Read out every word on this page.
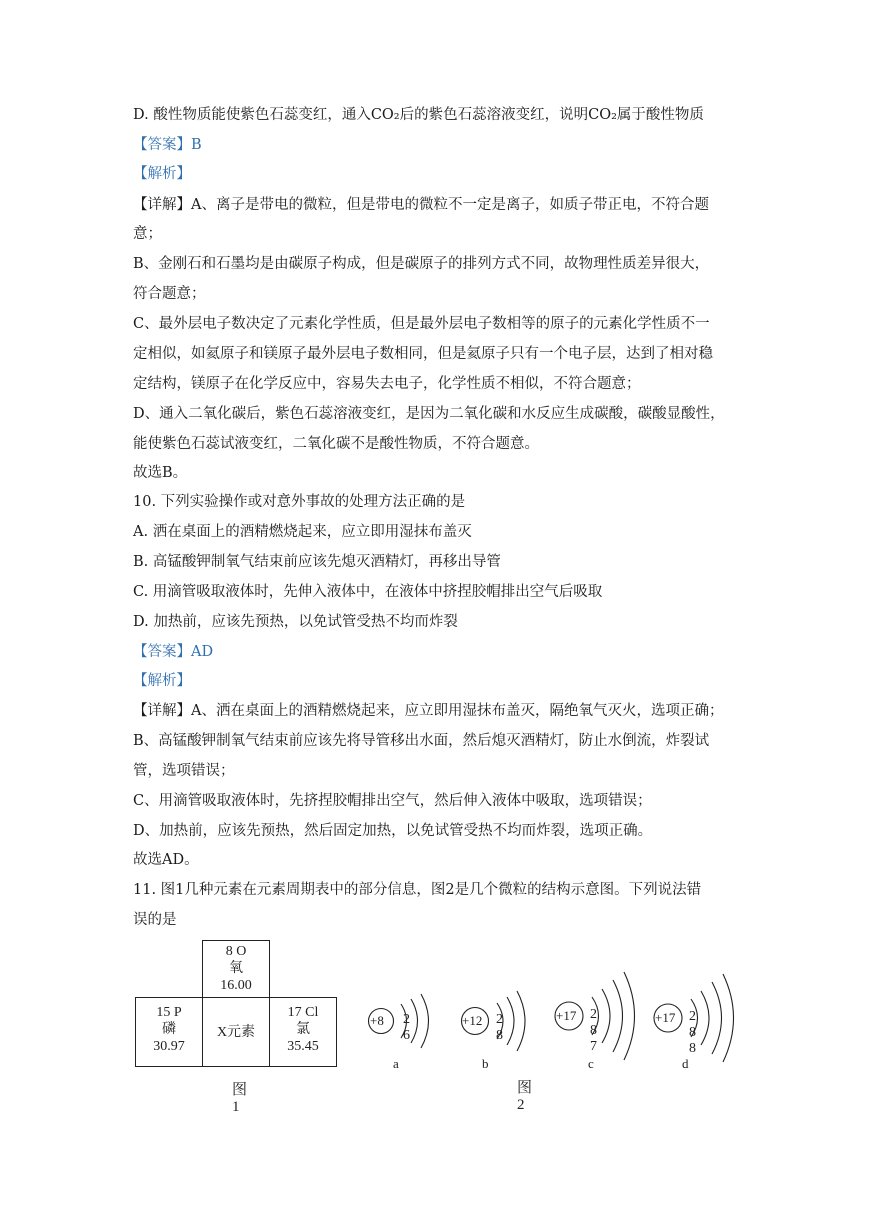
D. 酸性物质能使紫色石蕊变红，通入CO₂后的紫色石蕊溶液变红，说明CO₂属于酸性物质
【答案】B
【解析】
【详解】A、离子是带电的微粒，但是带电的微粒不一定是离子，如质子带正电，不符合题
意；
B、金刚石和石墨均是由碳原子构成，但是碳原子的排列方式不同，故物理性质差异很大，
符合题意；
C、最外层电子数决定了元素化学性质，但是最外层电子数相等的原子的元素化学性质不一
定相似，如氦原子和镁原子最外层电子数相同，但是氦原子只有一个电子层，达到了相对稳
定结构，镁原子在化学反应中，容易失去电子，化学性质不相似，不符合题意；
D、通入二氧化碳后，紫色石蕊溶液变红，是因为二氧化碳和水反应生成碳酸，碳酸显酸性，
能使紫色石蕊试液变红，二氧化碳不是酸性物质，不符合题意。
故选B。
10. 下列实验操作或对意外事故的处理方法正确的是
A. 洒在桌面上的酒精燃烧起来，应立即用湿抹布盖灭
B. 高锰酸钾制氧气结束前应该先熄灭酒精灯，再移出导管
C. 用滴管吸取液体时，先伸入液体中，在液体中挤捏胶帽排出空气后吸取
D. 加热前，应该先预热，以免试管受热不均而炸裂
【答案】AD
【解析】
【详解】A、洒在桌面上的酒精燃烧起来，应立即用湿抹布盖灭，隔绝氧气灭火，选项正确；
B、高锰酸钾制氧气结束前应该先将导管移出水面，然后熄灭酒精灯，防止水倒流，炸裂试
管，选项错误；
C、用滴管吸取液体时，先挤捏胶帽排出空气，然后伸入液体中吸取，选项错误；
D、加热前，应该先预热，然后固定加热，以免试管受热不均而炸裂，选项正确。
故选AD。
11. 图1几种元素在元素周期表中的部分信息，图2是几个微粒的结构示意图。下列说法错
误的是
8 O
氧
16.00
15 P
磷
30.97
X元素
17 Cl
氯
35.45
图1
+8 2 6
a
+12 2 8
b
+17 2 8 7
c
+17 2 8 8
d
图2
